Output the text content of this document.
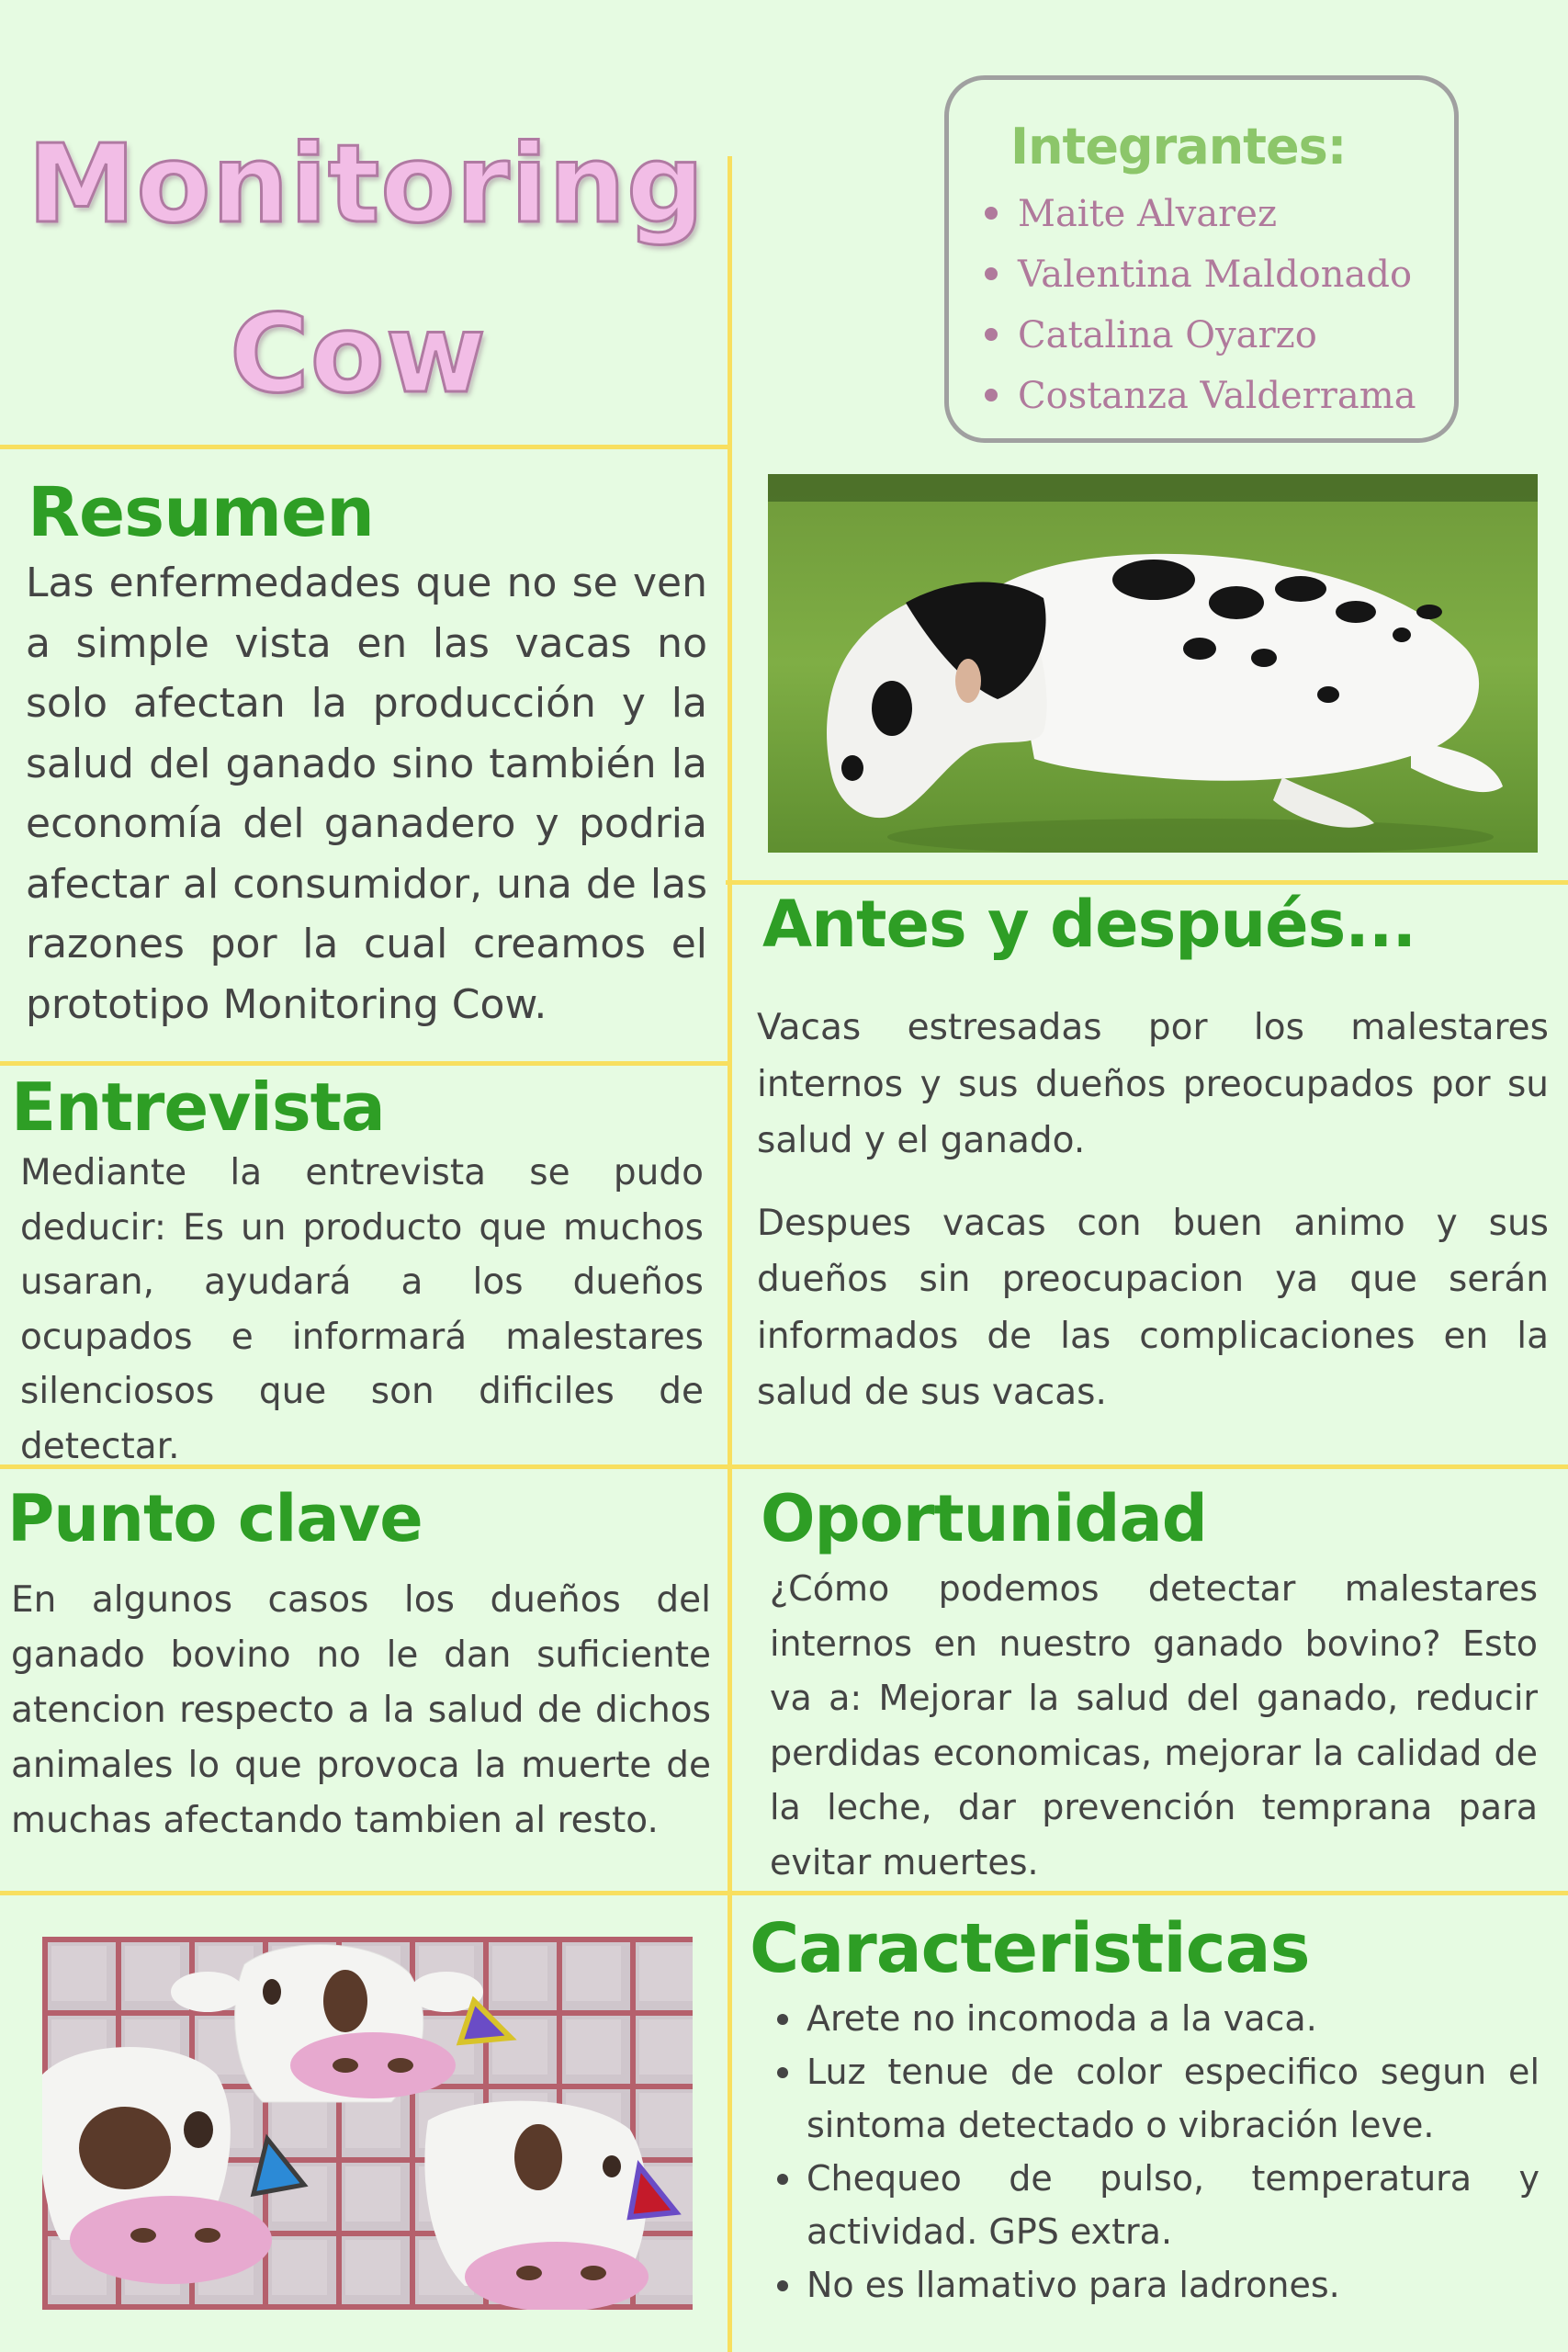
Monitoring
Cow
Integrantes:
Maite Alvarez
Valentina Maldonado
Catalina Oyarzo
Costanza Valderrama
Resumen

Las enfermedades que no se ven a simple vista en las vacas no solo afectan la producción y la salud del ganado sino también la economía del ganadero y podria afectar al consumidor, una de las razones por la cual creamos el prototipo Monitoring Cow.

Entrevista

Mediante la entrevista se pudo deducir: Es un producto que muchos usaran, ayudará a los dueños ocupados e informará malestares silenciosos que son dificiles de detectar.

Antes y después...

Vacas estresadas por los malestares internos y sus dueños preocupados por su salud y el ganado.

Despues vacas con buen animo y sus dueños sin preocupacion ya que serán informados de las complicaciones en la salud de sus vacas.

Punto clave

En algunos casos los dueños del ganado bovino no le dan suficiente atencion respecto a la salud de dichos animales lo que provoca la muerte de muchas afectando tambien al resto.

Oportunidad

¿Cómo podemos detectar malestares internos en nuestro ganado bovino? Esto va a: Mejorar la salud del ganado, reducir perdidas economicas, mejorar la calidad de la leche, dar prevención temprana para evitar muertes.

Caracteristicas
Arete no incomoda a la vaca.
Luz tenue de color especifico segun el sintoma detectado o vibración leve.
Chequeo de pulso, temperatura y actividad. GPS extra.
No es llamativo para ladrones.
